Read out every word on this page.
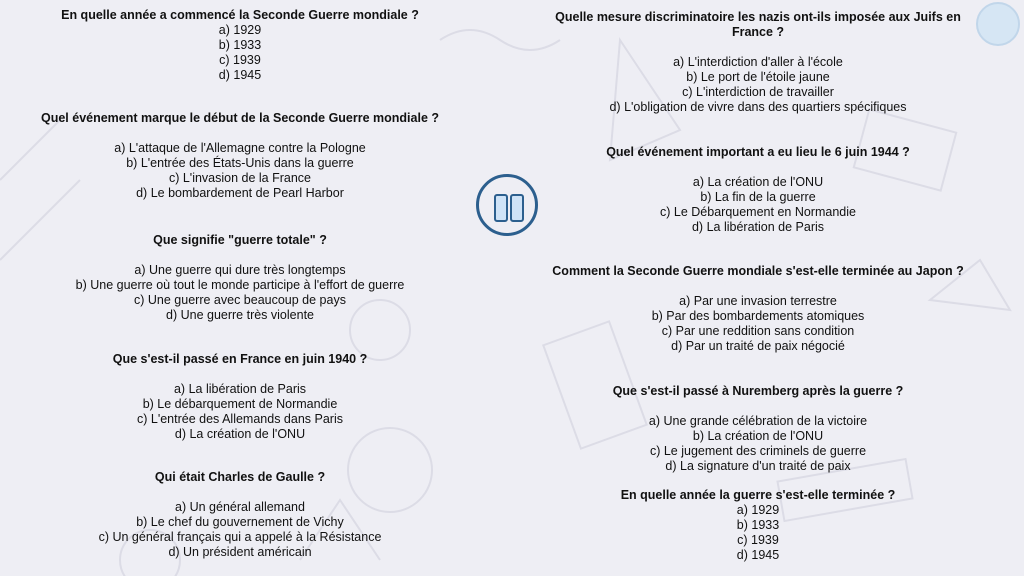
En quelle année a commencé la Seconde Guerre mondiale ?
a) 1929
b) 1933
c) 1939
d) 1945
Quel événement marque le début de la Seconde Guerre mondiale ?
a) L'attaque de l'Allemagne contre la Pologne
b) L'entrée des États-Unis dans la guerre
c) L'invasion de la France
d) Le bombardement de Pearl Harbor
Que signifie "guerre totale" ?
a) Une guerre qui dure très longtemps
b) Une guerre où tout le monde participe à l'effort de guerre
c) Une guerre avec beaucoup de pays
d) Une guerre très violente
Que s'est-il passé en France en juin 1940 ?
a) La libération de Paris
b) Le débarquement de Normandie
c) L'entrée des Allemands dans Paris
d) La création de l'ONU
Qui était Charles de Gaulle ?
a) Un général allemand
b) Le chef du gouvernement de Vichy
c) Un général français qui a appelé à la Résistance
d) Un président américain
Quelle mesure discriminatoire les nazis ont-ils imposée aux Juifs en
France ?
a) L'interdiction d'aller à l'école
b) Le port de l'étoile jaune
c) L'interdiction de travailler
d) L'obligation de vivre dans des quartiers spécifiques
Quel événement important a eu lieu le 6 juin 1944 ?
a) La création de l'ONU
b) La fin de la guerre
c) Le Débarquement en Normandie
d) La libération de Paris
Comment la Seconde Guerre mondiale s'est-elle terminée au Japon ?
a) Par une invasion terrestre
b) Par des bombardements atomiques
c) Par une reddition sans condition
d) Par un traité de paix négocié
Que s'est-il passé à Nuremberg après la guerre ?
a) Une grande célébration de la victoire
b) La création de l'ONU
c) Le jugement des criminels de guerre
d) La signature d'un traité de paix
En quelle année la guerre s'est-elle terminée ?
a) 1929
b) 1933
c) 1939
d) 1945
